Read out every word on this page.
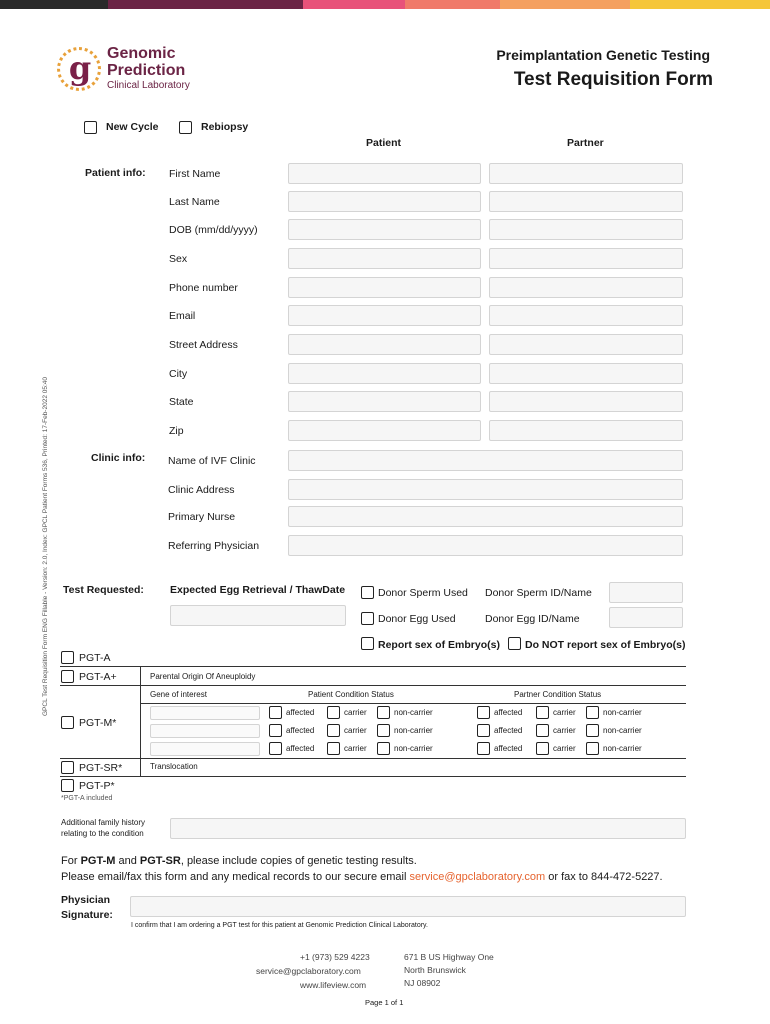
g Genomic
Prediction
Clinical Laboratory
Preimplantation Genetic Testing
Test Requisition Form
New Cycle	Rebiopsy
Patient	Partner
Patient info: First Name
Last Name
DOB (mm/dd/yyyy)
Sex
Phone number
Email
Street Address
City
State
Zip
Clinic info: Name of IVF Clinic
Clinic Address
Primary Nurse
Referring Physician
Test Requested: Expected Egg Retrieval / ThawDate	Donor Sperm Used Donor Sperm ID/Name
Donor Egg Used	Donor Egg ID/Name
Report sex of Embryo(s) Do NOT report sex of Embryo(s)
PGT-A
PGT-A+	Parental Origin Of Aneuploidy
Gene of interest	Patient Condition Status	Partner Condition Status
PGT-M*
affected	carrier	non-carrier	affected	carrier	non-carrier
affected	carrier	non-carrier	affected	carrier	non-carrier
affected	carrier	non-carrier	affected	carrier	non-carrier
PGT-SR*	Translocation
PGT-P*
*PGT-A included
Additional family history
relating to the condition
For PGT-M and PGT-SR, please include copies of genetic testing results.
Please email/fax this form and any medical records to our secure email service@gpclaboratory.com or fax to 844-472-5227.
Physician
Signature:
I confirm that I am ordering a PGT test for this patient at Genomic Prediction Clinical Laboratory.
+1 (973) 529 4223
service@gpclaboratory.com
www.lifeview.com
671 B US Highway One
North Brunswick
NJ 08902
Page 1 of 1
GPCL Test Requisition Form ENG Fillable - Version: 2.0, Index: GPCL Patient Forms 536, Printed: 17-Feb-2022 05:40
